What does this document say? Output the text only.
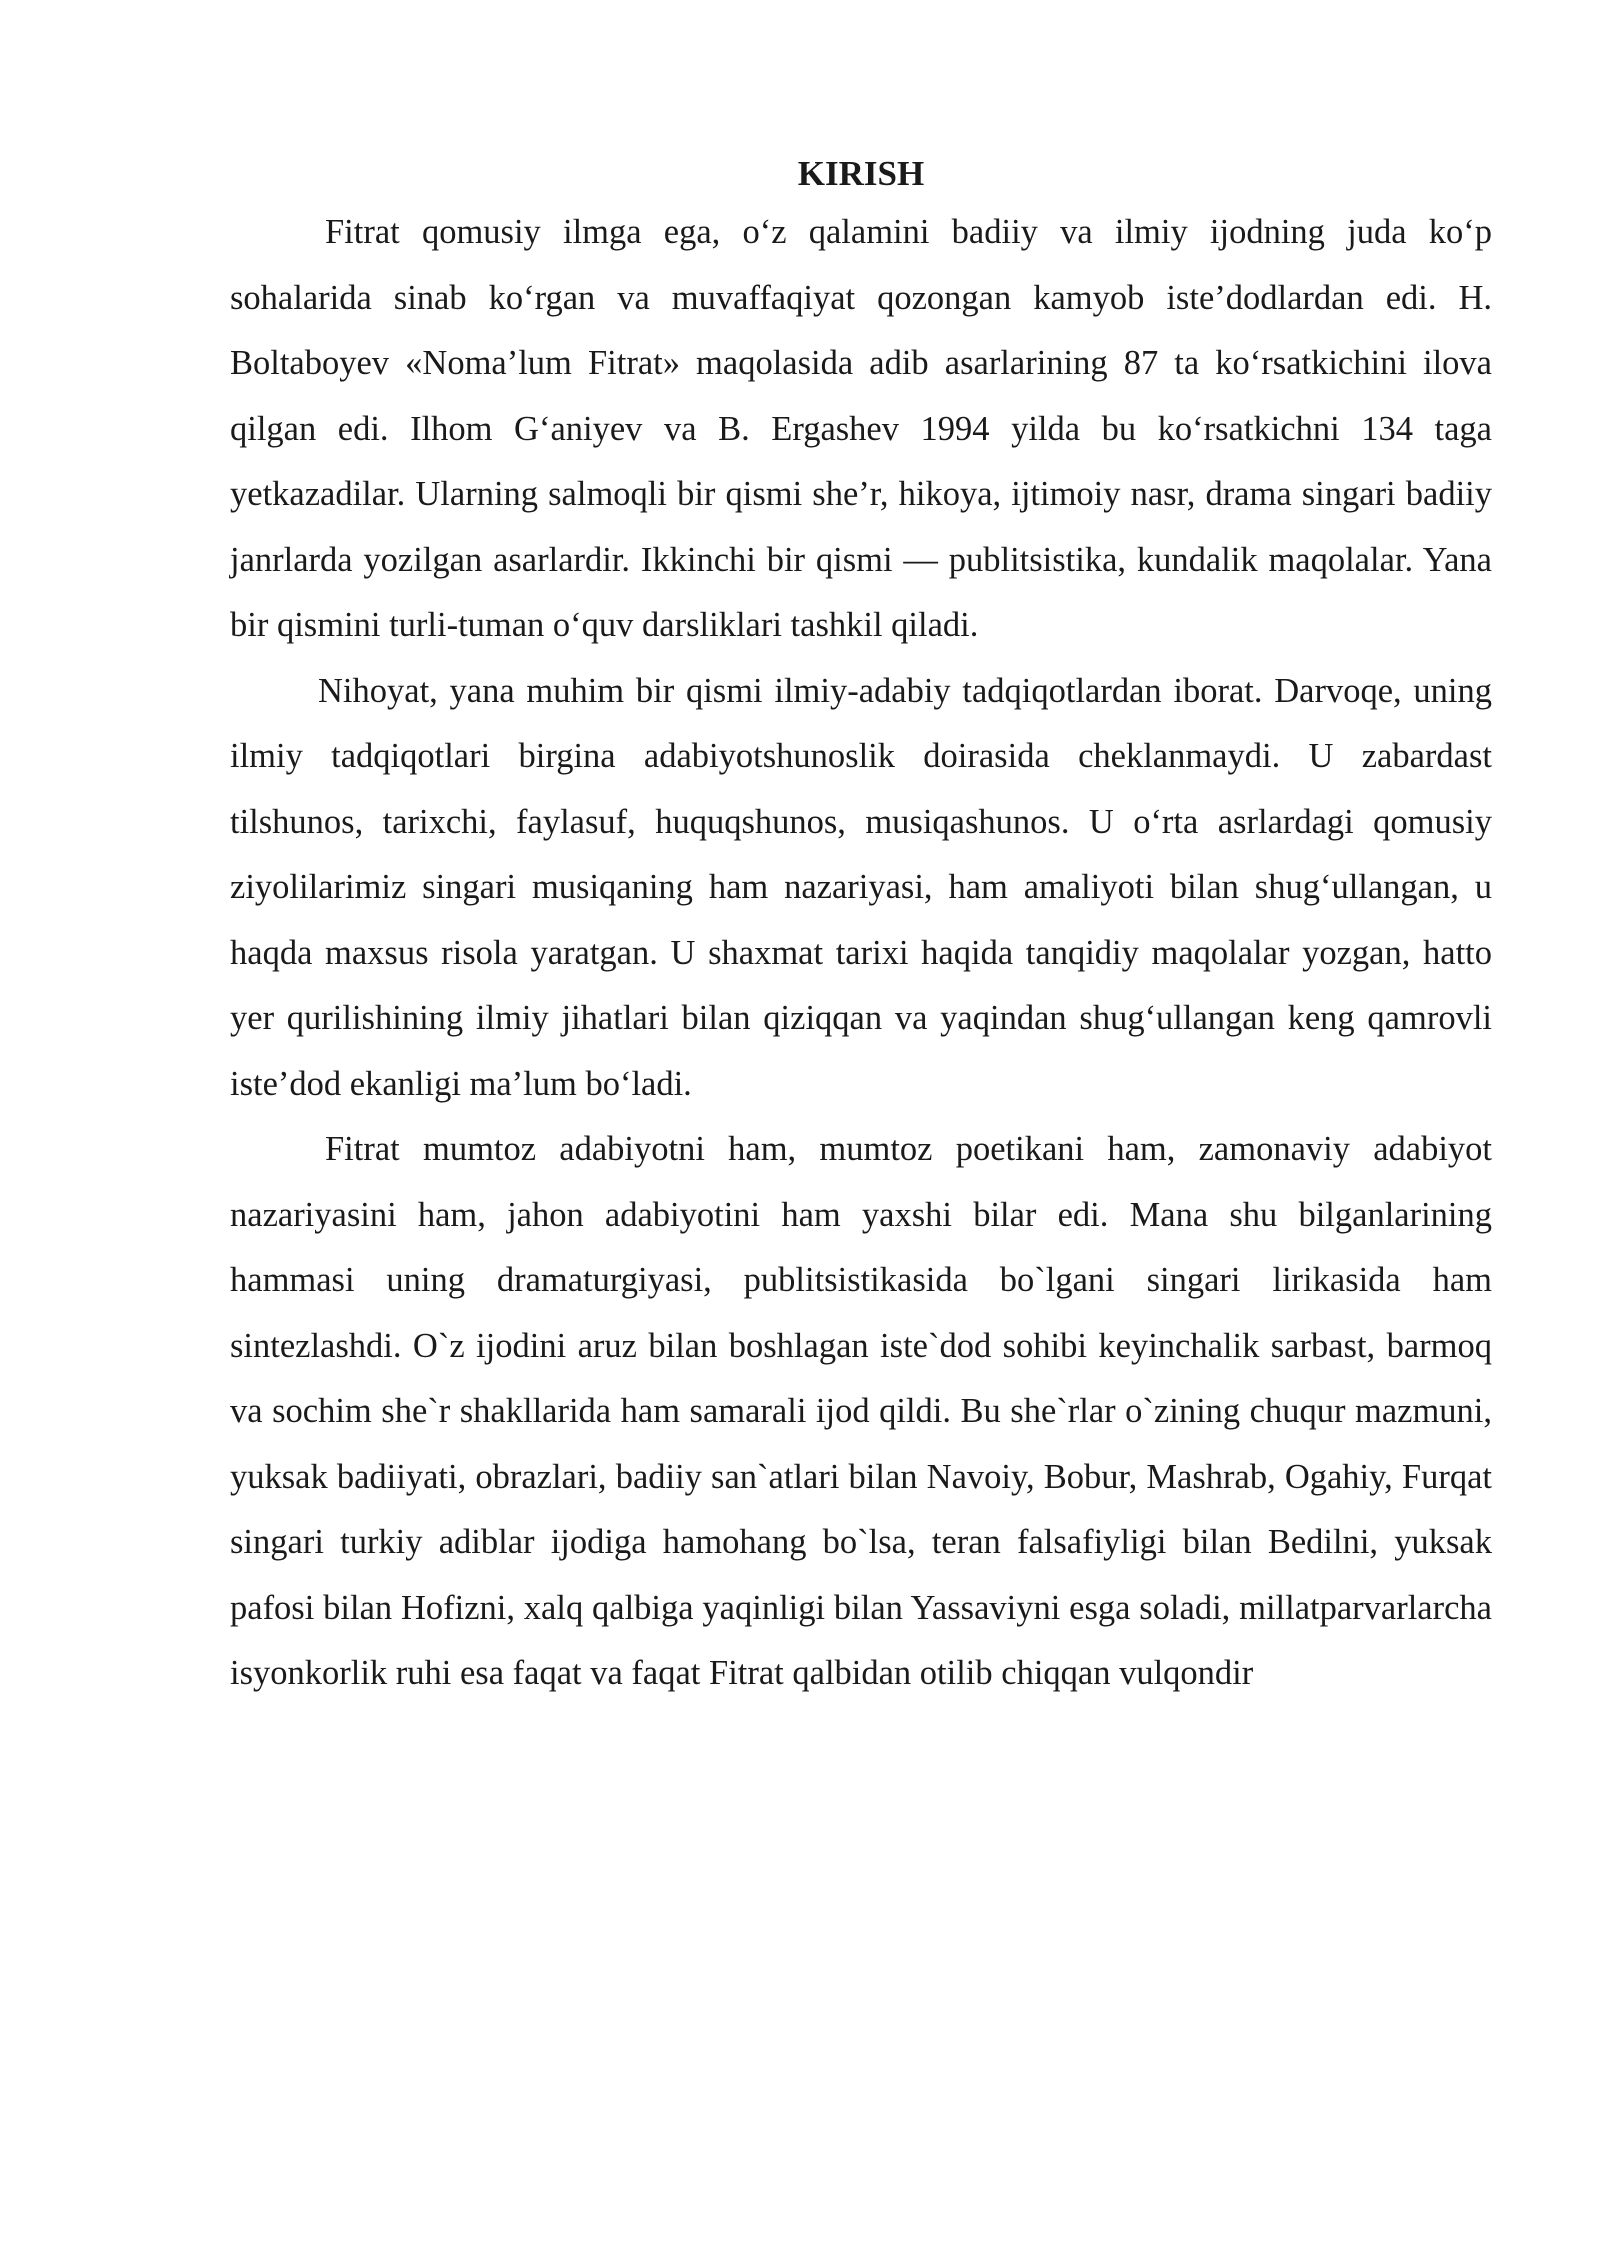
KIRISH

Fitrat qomusiy ilmga ega, o‘z qalamini badiiy va ilmiy ijodning juda ko‘p sohalarida sinab ko‘rgan va muvaffaqiyat qozongan kamyob iste’dodlardan edi. H. Boltaboyev «Noma’lum Fitrat» maqolasida adib asarlarining 87 ta ko‘rsatkichini ilova qilgan edi. Ilhom G‘aniyev va B. Ergashev 1994 yilda bu ko‘rsatkichni 134 taga yetkazadilar. Ularning salmoqli bir qismi she’r, hikoya, ijtimoiy nasr, drama singari badiiy janrlarda yozilgan asarlardir. Ikkinchi bir qismi — publitsistika, kundalik maqolalar. Yana bir qismini turli-tuman o‘quv darsliklari tashkil qiladi.

Nihoyat, yana muhim bir qismi ilmiy-adabiy tadqiqotlardan iborat. Darvoqe, uning ilmiy tadqiqotlari birgina adabiyotshunoslik doirasida cheklanmaydi. U zabardast tilshunos, tarixchi, faylasuf, huquqshunos, musiqashunos. U o‘rta asrlardagi qomusiy ziyolilarimiz singari musiqaning ham nazariyasi, ham amaliyoti bilan shug‘ullangan, u haqda maxsus risola yaratgan. U shaxmat tarixi haqida tanqidiy maqolalar yozgan, hatto yer qurilishining ilmiy jihatlari bilan qiziqqan va yaqindan shug‘ullangan keng qamrovli iste’dod ekanligi ma’lum bo‘ladi.

Fitrat mumtoz adabiyotni ham, mumtoz poetikani ham, zamonaviy adabiyot nazariyasini ham, jahon adabiyotini ham yaxshi bilar edi. Mana shu bilganlarining hammasi uning dramaturgiyasi, publitsistikasida bo`lgani singari lirikasida ham sintezlashdi. O`z ijodini aruz bilan boshlagan iste`dod sohibi keyinchalik sarbast, barmoq va sochim she`r shakllarida ham samarali ijod qildi. Bu she`rlar o`zining chuqur mazmuni, yuksak badiiyati, obrazlari, badiiy san`atlari bilan Navoiy, Bobur, Mashrab, Ogahiy, Furqat singari turkiy adiblar ijodiga hamohang bo`lsa, teran falsafiyligi bilan Bedilni, yuksak pafosi bilan Hofizni, xalq qalbiga yaqinligi bilan Yassaviyni esga soladi, millatparvarlarcha isyonkorlik ruhi esa faqat va faqat Fitrat qalbidan otilib chiqqan vulqondir
